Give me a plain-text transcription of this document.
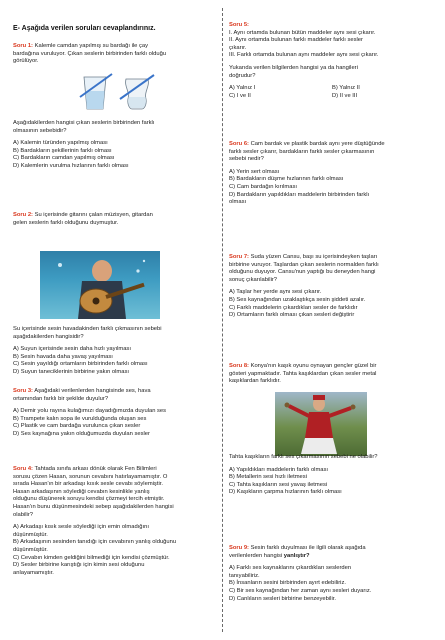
E- Aşağıda verilen soruları cevaplandırınız.
Soru 1: Kalemle camdan yapılmış su bardağı ile çay
bardağına vuruluyor. Çıkan seslerin birbirinden farklı olduğu
görülüyor.
Aşağıdakilerden hangisi çıkan seslerin birbirinden farklı
olmasının sebebidir?
A) Kalemin türünden yapılmış olması
B) Bardakların şekillerinin farklı olması
C) Bardakların camdan yapılmış olması
D) Kalemlerin vurulma hızlarının farklı olması
Soru 2: Su içerisinde gitarını çalan müzisyen, gitardan
gelen seslerin farklı olduğunu duymuştur.
Su içerisinde sesin havadakinden farklı çıkmasının sebebi
aşağıdakilerden hangisidir?
A) Suyun içerisinde sesin daha hızlı yayılması
B) Sesin havada daha yavaş yayılması
C) Sesin yayıldığı ortamların birbirinden farklı olması
D) Suyun taneciklerinin birbirine yakın olması
Soru 3: Aşağıdaki verilenlerden hangisinde ses, hava
ortamından farklı bir şekilde duyulur?
A) Demir yolu rayına kulağımızı dayadığımızda duyulan ses
B) Trampete kalın sopa ile vurulduğunda oluşan ses
C) Plastik ve cam bardağa vurulunca çıkan sesler
D) Ses kaynağına yakın olduğumuzda duyulan sesler
Soru 4: Tahtada sınıfa arkası dönük olarak Fen Bilimleri
sorusu çözen Hasan, sorunun cevabını hatırlayamamıştır. O
sırada Hasan'ın bir arkadaşı kısık sesle cevabı söylemiştir.
Hasan arkadaşının söylediği cevabın kesinlikle yanlış
olduğunu düşünerek soruyu kendisi çözmeyi tercih etmiştir.
Hasan'ın bunu düşünmesindeki sebep aşağıdakilerden hangisi
olabilir?
A) Arkadaşı kısık sesle söylediği için emin olmadığını
düşünmüştür.
B) Arkadaşının sesinden tanıdığı için cevabının yanlış olduğunu
düşünmüştür.
C) Cevabın kimden geldiğini bilmediği için kendisi çözmüştür.
D) Sesler birbirine karıştığı için kimin sesi olduğunu
anlayamamıştır.
Soru 5:
I. Aynı ortamda bulunan bütün maddeler aynı sesi çıkarır.
II. Aynı ortamda bulunan farklı maddeler farklı sesler
çıkarır.
III. Farklı ortamda bulunan aynı maddeler aynı sesi çıkarır.
Yukarıda verilen bilgilerden hangisi ya da hangileri
doğrudur?
A) Yalnız I	B) Yalnız II
C) I ve II	D) II ve III
Soru 6: Cam bardak ve plastik bardak aynı yere düştüğünde
farklı sesler çıkarır, bardakların farklı sesler çıkarmasının
sebebi nedir?
A) Yerin sert olması
B) Bardakların düşme hızlarının farklı olması
C) Cam bardağın kırılması
D) Bardakların yapıldıkları maddelerin birbirinden farklı
olması
Soru 7: Suda yüzen Cansu, başı su içerisindeyken taşları
birbirine vuruyor. Taşlardan çıkan seslerin normalden farklı
olduğunu duyuyor. Cansu'nun yaptığı bu deneyden hangi
sonuç çıkarılabilir?
A) Taşlar her yerde aynı sesi çıkarır.
B) Ses kaynağından uzaklaştıkça sesin şiddeti azalır.
C) Farklı maddelerin çıkardıkları sesler de farklıdır
D) Ortamların farklı olması çıkan sesleri değiştirir
Soru 8: Konya'nın kaşık oyunu oynayan gençler güzel bir
gösteri yapmaktadır. Tahta kaşıklardan çıkan sesler metal
kaşıklardan farklıdır.
Tahta kaşıkların farklı ses çıkarmasının sebebi ne olabilir?
A) Yapıldıkları maddelerin farklı olması
B) Metallerin sesi hızlı iletmesi
C) Tahta kaşıkların sesi yavaş iletmesi
D) Kaşıkların çarpma hızlarının farklı olması
Soru 9: Sesin farklı duyulması ile ilgili olarak aşağıda
verilenlerden hangisi yanlıştır?
A) Farklı ses kaynaklarını çıkardıkları seslerden
tanıyabiliriz.
B) İnsanların sesini birbirinden ayırt edebiliriz.
C) Bir ses kaynağından her zaman aynı sesleri duyarız.
D) Canlıların sesleri birbirine benzeyebilir.
